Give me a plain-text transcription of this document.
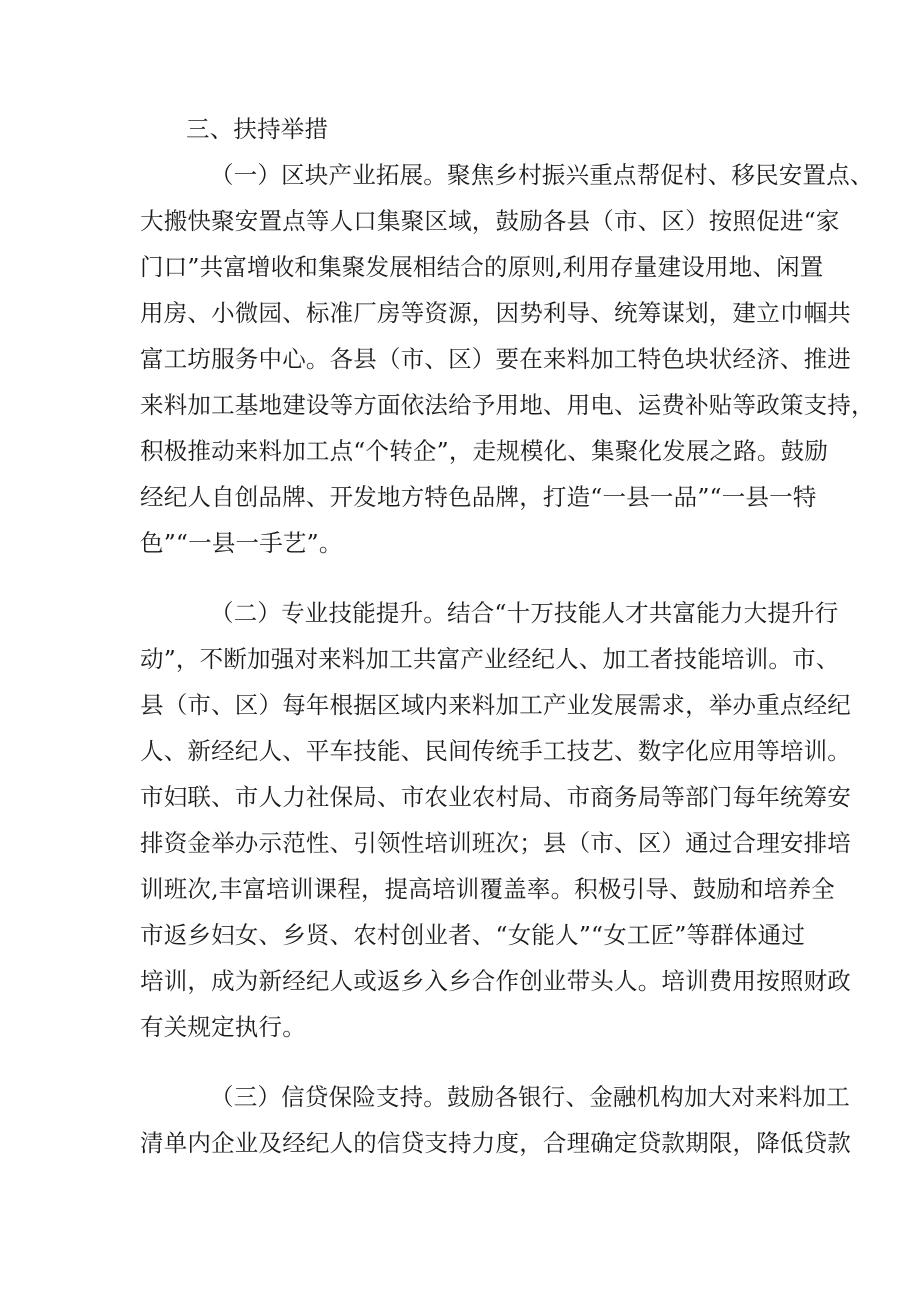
三、扶持举措
（一）区块产业拓展。聚焦乡村振兴重点帮促村、移民安置点、
大搬快聚安置点等人口集聚区域，鼓励各县（市、区）按照促进“家
门口”共富增收和集聚发展相结合的原则,利用存量建设用地、闲置
用房、小微园、标准厂房等资源，因势利导、统筹谋划，建立巾帼共
富工坊服务中心。各县（市、区）要在来料加工特色块状经济、推进
来料加工基地建设等方面依法给予用地、用电、运费补贴等政策支持，
积极推动来料加工点“个转企”，走规模化、集聚化发展之路。鼓励
经纪人自创品牌、开发地方特色品牌，打造“一县一品”“一县一特
色”“一县一手艺”。
（二）专业技能提升。结合“十万技能人才共富能力大提升行
动”，不断加强对来料加工共富产业经纪人、加工者技能培训。市、
县（市、区）每年根据区域内来料加工产业发展需求，举办重点经纪
人、新经纪人、平车技能、民间传统手工技艺、数字化应用等培训。
市妇联、市人力社保局、市农业农村局、市商务局等部门每年统筹安
排资金举办示范性、引领性培训班次；县（市、区）通过合理安排培
训班次,丰富培训课程，提高培训覆盖率。积极引导、鼓励和培养全
市返乡妇女、乡贤、农村创业者、“女能人”“女工匠”等群体通过
培训，成为新经纪人或返乡入乡合作创业带头人。培训费用按照财政
有关规定执行。
（三）信贷保险支持。鼓励各银行、金融机构加大对来料加工
清单内企业及经纪人的信贷支持力度，合理确定贷款期限，降低贷款
